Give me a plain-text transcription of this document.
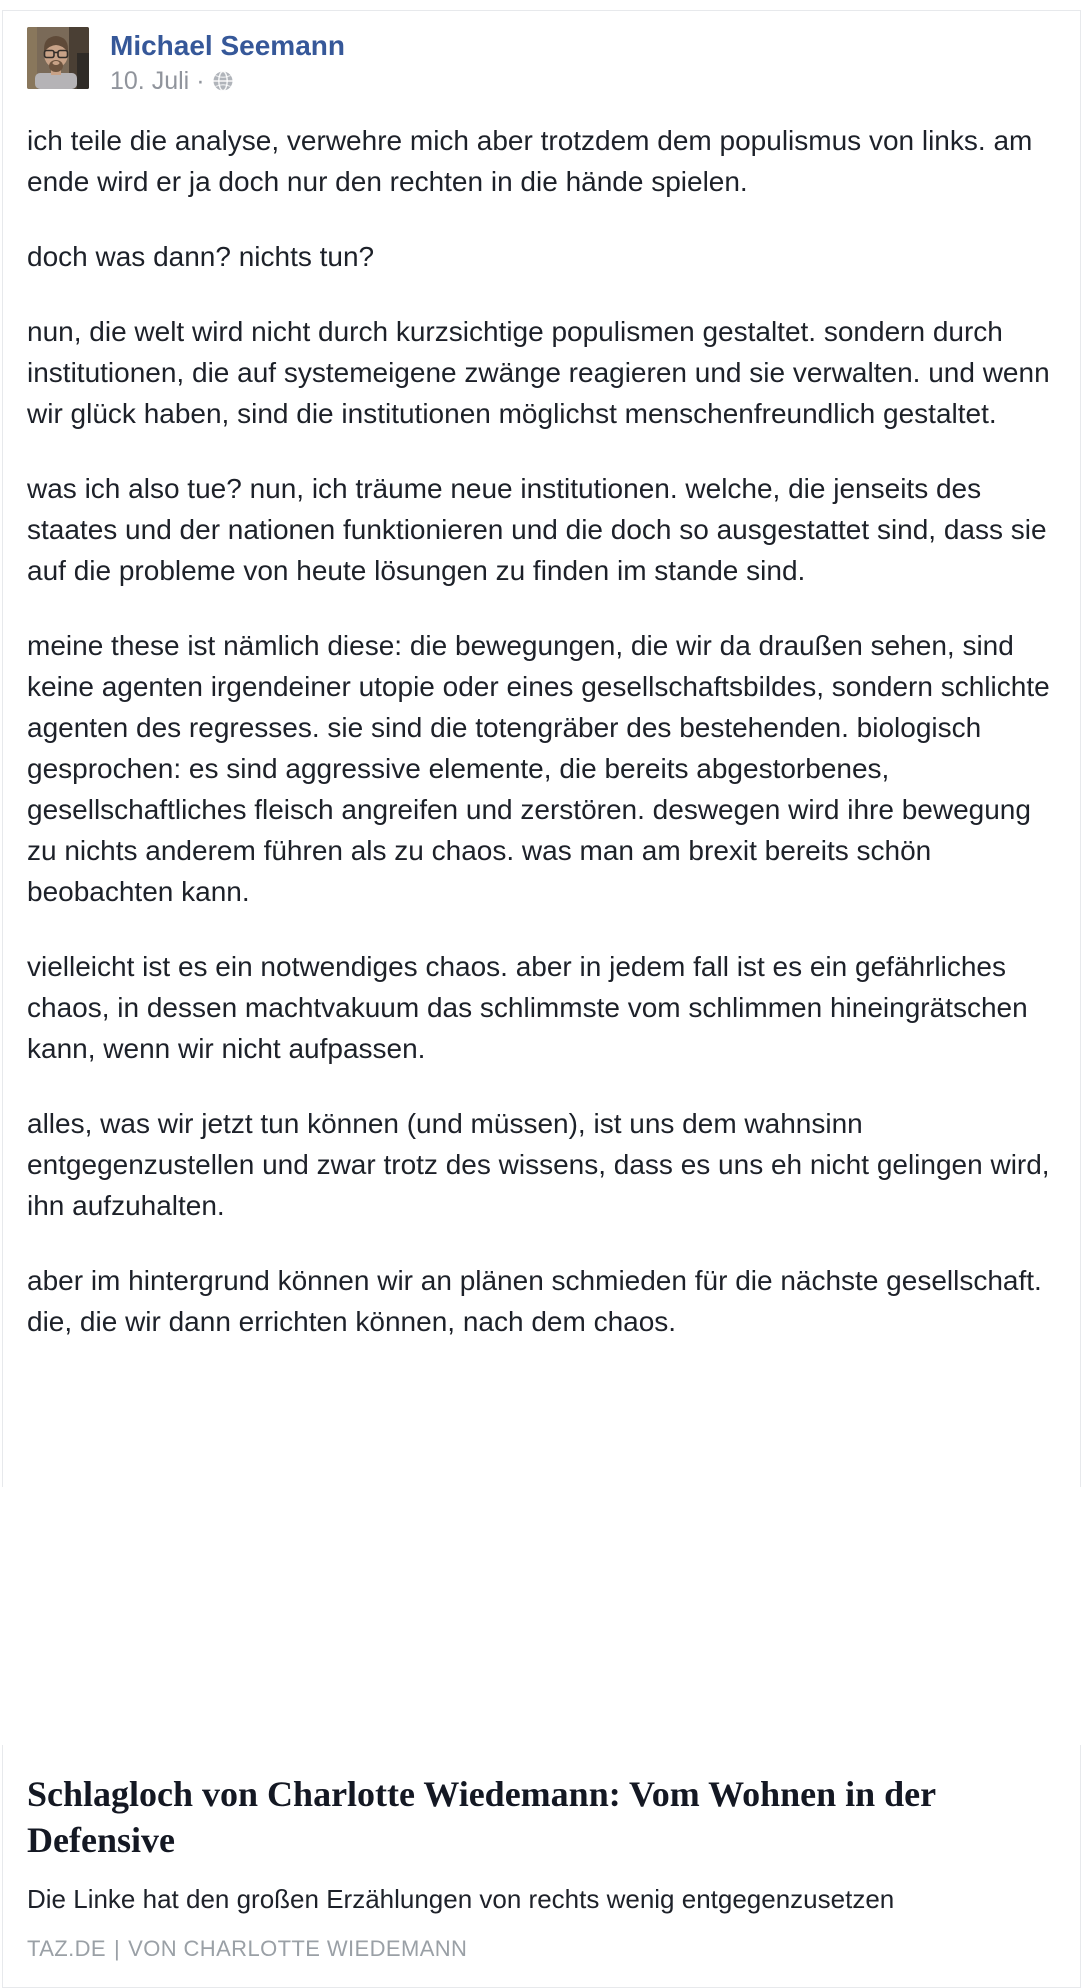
Michael Seemann
10. Juli ·

ich teile die analyse, verwehre mich aber trotzdem dem populismus von links. am ende wird er ja doch nur den rechten in die hände spielen.

doch was dann? nichts tun?

nun, die welt wird nicht durch kurzsichtige populismen gestaltet. sondern durch institutionen, die auf systemeigene zwänge reagieren und sie verwalten. und wenn wir glück haben, sind die institutionen möglichst menschenfreundlich gestaltet.

was ich also tue? nun, ich träume neue institutionen. welche, die jenseits des staates und der nationen funktionieren und die doch so ausgestattet sind, dass sie auf die probleme von heute lösungen zu finden im stande sind.

meine these ist nämlich diese: die bewegungen, die wir da draußen sehen, sind keine agenten irgendeiner utopie oder eines gesellschaftsbildes, sondern schlichte agenten des regresses. sie sind die totengräber des bestehenden. biologisch gesprochen: es sind aggressive elemente, die bereits abgestorbenes, gesellschaftliches fleisch angreifen und zerstören. deswegen wird ihre bewegung zu nichts anderem führen als zu chaos. was man am brexit bereits schön beobachten kann.

vielleicht ist es ein notwendiges chaos. aber in jedem fall ist es ein gefährliches chaos, in dessen machtvakuum das schlimmste vom schlimmen hineingrätschen kann, wenn wir nicht aufpassen.

alles, was wir jetzt tun können (und müssen), ist uns dem wahnsinn entgegenzustellen und zwar trotz des wissens, dass es uns eh nicht gelingen wird, ihn aufzuhalten.

aber im hintergrund können wir an plänen schmieden für die nächste gesellschaft. die, die wir dann errichten können, nach dem chaos.

Schlagloch von Charlotte Wiedemann: Vom Wohnen in der Defensive
Die Linke hat den großen Erzählungen von rechts wenig entgegenzusetzen
TAZ.DE | VON CHARLOTTE WIEDEMANN
